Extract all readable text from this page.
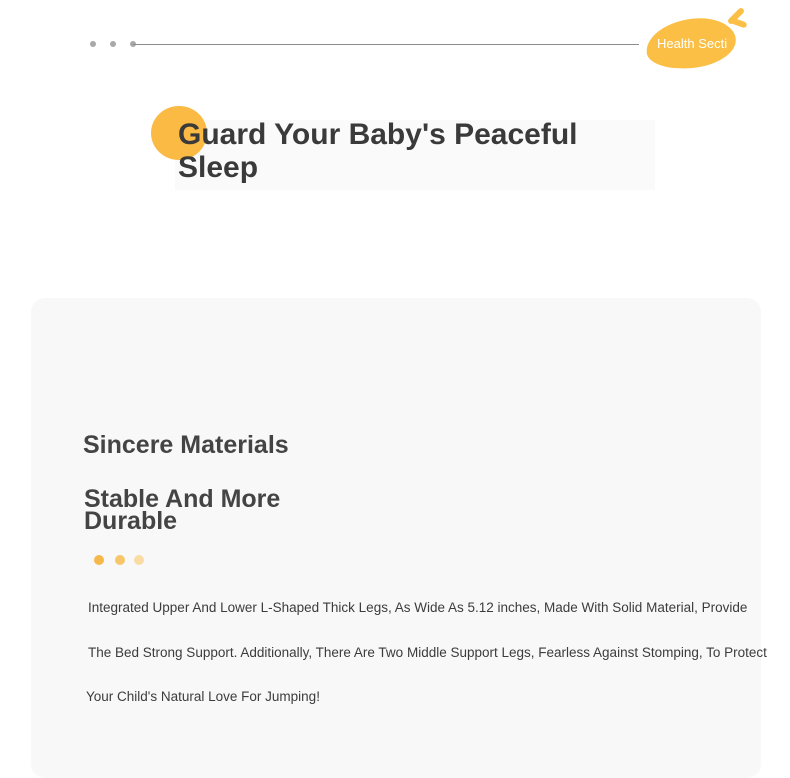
Health Secti
Guard Your Baby's Peaceful Sleep
Sincere Materials
Stable And More Durable

Integrated Upper And Lower L-Shaped Thick Legs, As Wide As 5.12 inches, Made With Solid Material, Provide
The Bed Strong Support. Additionally, There Are Two Middle Support Legs, Fearless Against Stomping, To Protect
Your Child's Natural Love For Jumping!
